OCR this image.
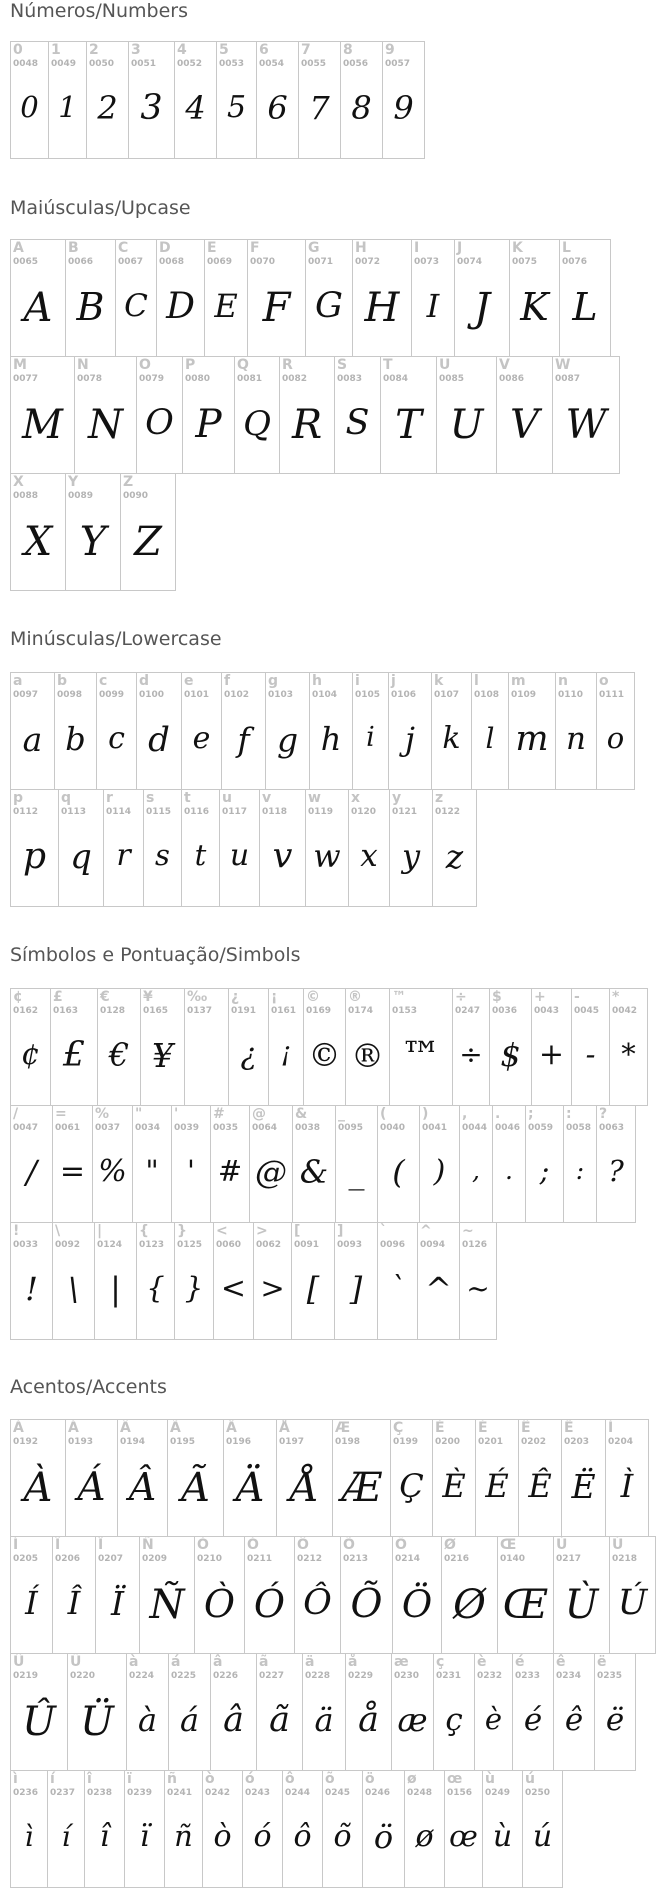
Números/Numbers
Maiúsculas/Upcase
Minúsculas/Lowercase
Símbolos e Pontuação/Simbols
Acentos/Accents
0
0048
0
1
0049
1
2
0050
2
3
0051
3
4
0052
4
5
0053
5
6
0054
6
7
0055
7
8
0056
8
9
0057
9
A
0065
A
B
0066
B
C
0067
C
D
0068
D
E
0069
E
F
0070
F
G
0071
G
H
0072
H
I
0073
I
J
0074
J
K
0075
K
L
0076
L
M
0077
M
N
0078
N
O
0079
O
P
0080
P
Q
0081
Q
R
0082
R
S
0083
S
T
0084
T
U
0085
U
V
0086
V
W
0087
W
X
0088
X
Y
0089
Y
Z
0090
Z
a
0097
a
b
0098
b
c
0099
c
d
0100
d
e
0101
e
f
0102
f
g
0103
g
h
0104
h
i
0105
i
j
0106
j
k
0107
k
l
0108
l
m
0109
m
n
0110
n
o
0111
o
p
0112
p
q
0113
q
r
0114
r
s
0115
s
t
0116
t
u
0117
u
v
0118
v
w
0119
w
x
0120
x
y
0121
y
z
0122
z
¢
0162
¢
£
0163
£
€
0128
€
¥
0165
¥
‰
0137
¿
0191
¿
¡
0161
¡
©
0169
©
®
0174
®
™
0153
™
÷
0247
÷
$
0036
$
+
0043
+
-
0045
-
*
0042
*
/
0047
/
=
0061
=
%
0037
%
"
0034
"
'
0039
'
#
0035
#
@
0064
@
&
0038
&
_
0095
_
(
0040
(
)
0041
)
,
0044
,
.
0046
.
;
0059
;
:
0058
:
?
0063
?
!
0033
!
\
0092
\
|
0124
|
{
0123
{
}
0125
}
<
0060
<
>
0062
>
[
0091
[
]
0093
]
`
0096
`
^
0094
^
~
0126
~
À
0192
À
Á
0193
Á
Â
0194
Â
Ã
0195
Ã
Ä
0196
Ä
Å
0197
Å
Æ
0198
Æ
Ç
0199
Ç
È
0200
È
É
0201
É
Ê
0202
Ê
Ë
0203
Ë
Ì
0204
Ì
Í
0205
Í
Î
0206
Î
Ï
0207
Ï
Ñ
0209
Ñ
Ò
0210
Ò
Ó
0211
Ó
Ô
0212
Ô
Õ
0213
Õ
Ö
0214
Ö
Ø
0216
Ø
Œ
0140
Œ
Ù
0217
Ù
Ú
0218
Ú
Û
0219
Û
Ü
0220
Ü
à
0224
à
á
0225
á
â
0226
â
ã
0227
ã
ä
0228
ä
å
0229
å
æ
0230
æ
ç
0231
ç
è
0232
è
é
0233
é
ê
0234
ê
ë
0235
ë
ì
0236
ì
í
0237
í
î
0238
î
ï
0239
ï
ñ
0241
ñ
ò
0242
ò
ó
0243
ó
ô
0244
ô
õ
0245
õ
ö
0246
ö
ø
0248
ø
œ
0156
œ
ù
0249
ù
ú
0250
ú
